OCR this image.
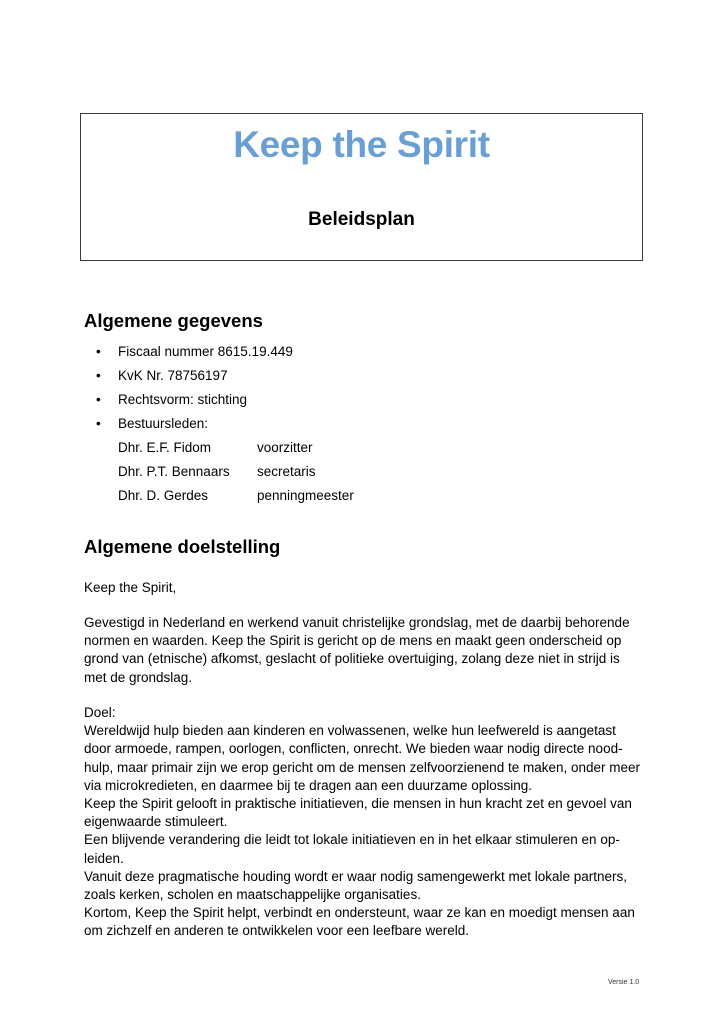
Keep the Spirit
Beleidsplan
Algemene gegevens
• Fiscaal nummer 8615.19.449
• KvK Nr. 78756197
• Rechtsvorm: stichting
• Bestuursleden:
Dhr. E.F. Fidom	voorzitter
Dhr. P.T. Bennaars	secretaris
Dhr. D. Gerdes	penningmeester
Algemene doelstelling

Keep the Spirit,

Gevestigd in Nederland en werkend vanuit christelijke grondslag, met de daarbij behorende normen en waarden. Keep the Spirit is gericht op de mens en maakt geen onderscheid op grond van (etnische) afkomst, geslacht of politieke overtuiging, zolang deze niet in strijd is met de grondslag.

Doel:

Wereldwijd hulp bieden aan kinderen en volwassenen, welke hun leefwereld is aangetast door armoede, rampen, oorlogen, conflicten, onrecht. We bieden waar nodig directe nood-hulp, maar primair zijn we erop gericht om de mensen zelfvoorzienend te maken, onder meer via microkredieten, en daarmee bij te dragen aan een duurzame oplossing.

Keep the Spirit gelooft in praktische initiatieven, die mensen in hun kracht zet en gevoel van eigenwaarde stimuleert.

Een blijvende verandering die leidt tot lokale initiatieven en in het elkaar stimuleren en op-leiden.

Vanuit deze pragmatische houding wordt er waar nodig samengewerkt met lokale partners, zoals kerken, scholen en maatschappelijke organisaties.

Kortom, Keep the Spirit helpt, verbindt en ondersteunt, waar ze kan en moedigt mensen aan om zichzelf en anderen te ontwikkelen voor een leefbare wereld.

Versie 1.0
